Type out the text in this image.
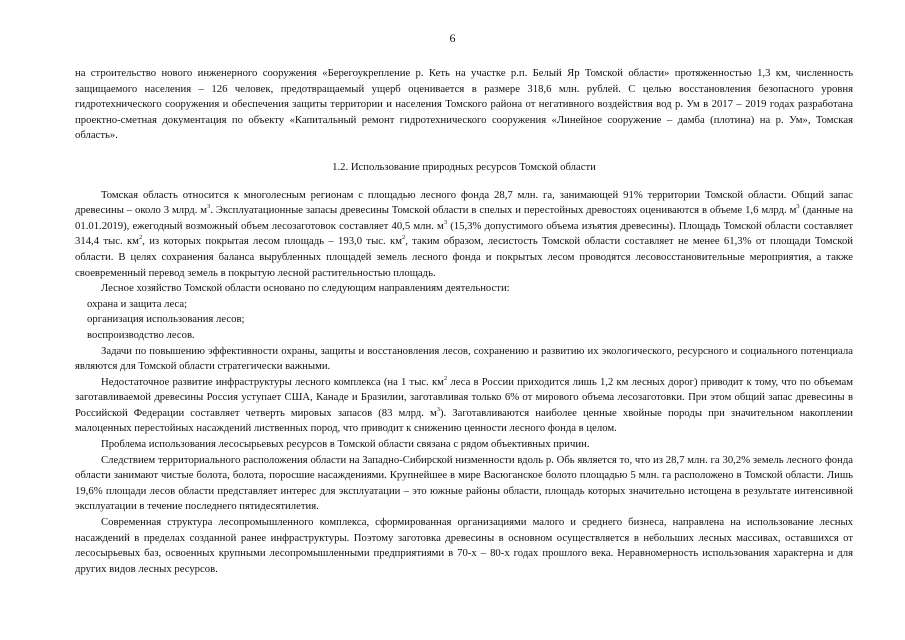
6

на строительство нового инженерного сооружения «Берегоукрепление р. Кеть на участке р.п. Белый Яр Томской области» протяженностью 1,3 км, численность защищаемого населения – 126 человек, предотвращаемый ущерб оценивается в размере 318,6 млн. рублей. С целью восстановления безопасного уровня гидротехнического сооружения и обеспечения защиты территории и населения Томского района от негативного воздействия вод р. Ум в 2017 – 2019 годах разработана проектно-сметная документация по объекту «Капитальный ремонт гидротехнического сооружения «Линейное сооружение – дамба (плотина) на р. Ум», Томская область».

1.2. Использование природных ресурсов Томской области

Томская область относится к многолесным регионам с площадью лесного фонда 28,7 млн. га, занимающей 91% территории Томской области. Общий запас древесины – около 3 млрд. $м^3$. Эксплуатационные запасы древесины Томской области в спелых и перестойных древостоях оцениваются в объеме 1,6 млрд. $м^3$ (данные на 01.01.2019), ежегодный возможный объем лесозаготовок составляет 40,5 млн. $м^3$ (15,3% допустимого объема изъятия древесины). Площадь Томской области составляет 314,4 тыс. $км^2$, из которых покрытая лесом площадь – 193,0 тыс. $км^2$, таким образом, лесистость Томской области составляет не менее 61,3% от площади Томской области. В целях сохранения баланса вырубленных площадей земель лесного фонда и покрытых лесом проводятся лесовосстановительные мероприятия, а также своевременный перевод земель в покрытую лесной растительностью площадь.

Лесное хозяйство Томской области основано по следующим направлениям деятельности:

охрана и защита леса;

организация использования лесов;

воспроизводство лесов.

Задачи по повышению эффективности охраны, защиты и восстановления лесов, сохранению и развитию их экологического, ресурсного и социального потенциала являются для Томской области стратегически важными.

Недостаточное развитие инфраструктуры лесного комплекса (на 1 тыс. $км^2$ леса в России приходится лишь 1,2 км лесных дорог) приводит к тому, что по объемам заготавливаемой древесины Россия уступает США, Канаде и Бразилии, заготавливая только 6% от мирового объема лесозаготовки. При этом общий запас древесины в Российской Федерации составляет четверть мировых запасов (83 млрд. $м^3$). Заготавливаются наиболее ценные хвойные породы при значительном накоплении малоценных перестойных насаждений лиственных пород, что приводит к снижению ценности лесного фонда в целом.

Проблема использования лесосырьевых ресурсов в Томской области связана с рядом объективных причин.

Следствием территориального расположения области на Западно-Сибирской низменности вдоль р. Обь является то, что из 28,7 млн. га 30,2% земель лесного фонда области занимают чистые болота, болота, поросшие насаждениями. Крупнейшее в мире Васюганское болото площадью 5 млн. га расположено в Томской области. Лишь 19,6% площади лесов области представляет интерес для эксплуатации – это южные районы области, площадь которых значительно истощена в результате интенсивной эксплуатации в течение последнего пятидесятилетия.

Современная структура лесопромышленного комплекса, сформированная организациями малого и среднего бизнеса, направлена на использование лесных насаждений в пределах созданной ранее инфраструктуры. Поэтому заготовка древесины в основном осуществляется в небольших лесных массивах, оставшихся от лесосырьевых баз, освоенных крупными лесопромышленными предприятиями в 70-х – 80-х годах прошлого века. Неравномерность использования характерна и для других видов лесных ресурсов.
